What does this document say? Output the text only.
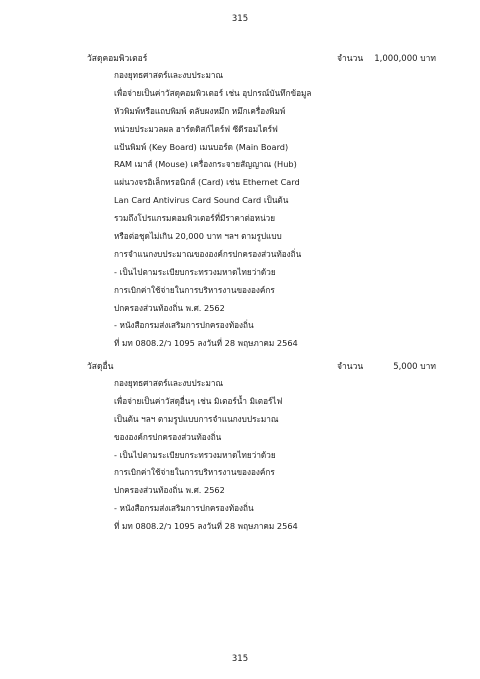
315
วัสดุคอมพิวเตอร์	จำนวน 1,000,000 บาท
กองยุทธศาสตร์และงบประมาณ
เพื่อจ่ายเป็นค่าวัสดุคอมพิวเตอร์ เช่น อุปกรณ์บันทึกข้อมูล
หัวพิมพ์หรือแถบพิมพ์ ตลับผงหมึก หมึกเครื่องพิมพ์
หน่วยประมวลผล ฮาร์ดดิสก์ไดร์ฟ ซีดีรอมไดร์ฟ
แป้นพิมพ์ (Key Board) เมนบอร์ด (Main Board)
RAM เมาส์ (Mouse) เครื่องกระจายสัญญาณ (Hub)
แผ่นวงจรอิเล็กทรอนิกส์ (Card) เช่น Ethernet Card
Lan Card Antivirus Card Sound Card เป็นต้น
รวมถึงโปรแกรมคอมพิวเตอร์ที่มีราคาต่อหน่วย
หรือต่อชุดไม่เกิน 20,000 บาท ฯลฯ ตามรูปแบบ
การจำแนกงบประมาณขององค์กรปกครองส่วนท้องถิ่น
- เป็นไปตามระเบียบกระทรวงมหาดไทยว่าด้วย
การเบิกค่าใช้จ่ายในการบริหารงานขององค์กร
ปกครองส่วนท้องถิ่น พ.ศ. 2562
- หนังสือกรมส่งเสริมการปกครองท้องถิ่น
ที่ มท 0808.2/ว 1095 ลงวันที่ 28 พฤษภาคม 2564
วัสดุอื่น	จำนวน	5,000 บาท
กองยุทธศาสตร์และงบประมาณ
เพื่อจ่ายเป็นค่าวัสดุอื่นๆ เช่น มิเตอร์น้ำ มิเตอร์ไฟ
เป็นต้น ฯลฯ ตามรูปแบบการจำแนกงบประมาณ
ขององค์กรปกครองส่วนท้องถิ่น
- เป็นไปตามระเบียบกระทรวงมหาดไทยว่าด้วย
การเบิกค่าใช้จ่ายในการบริหารงานขององค์กร
ปกครองส่วนท้องถิ่น พ.ศ. 2562
- หนังสือกรมส่งเสริมการปกครองท้องถิ่น
ที่ มท 0808.2/ว 1095 ลงวันที่ 28 พฤษภาคม 2564
315
